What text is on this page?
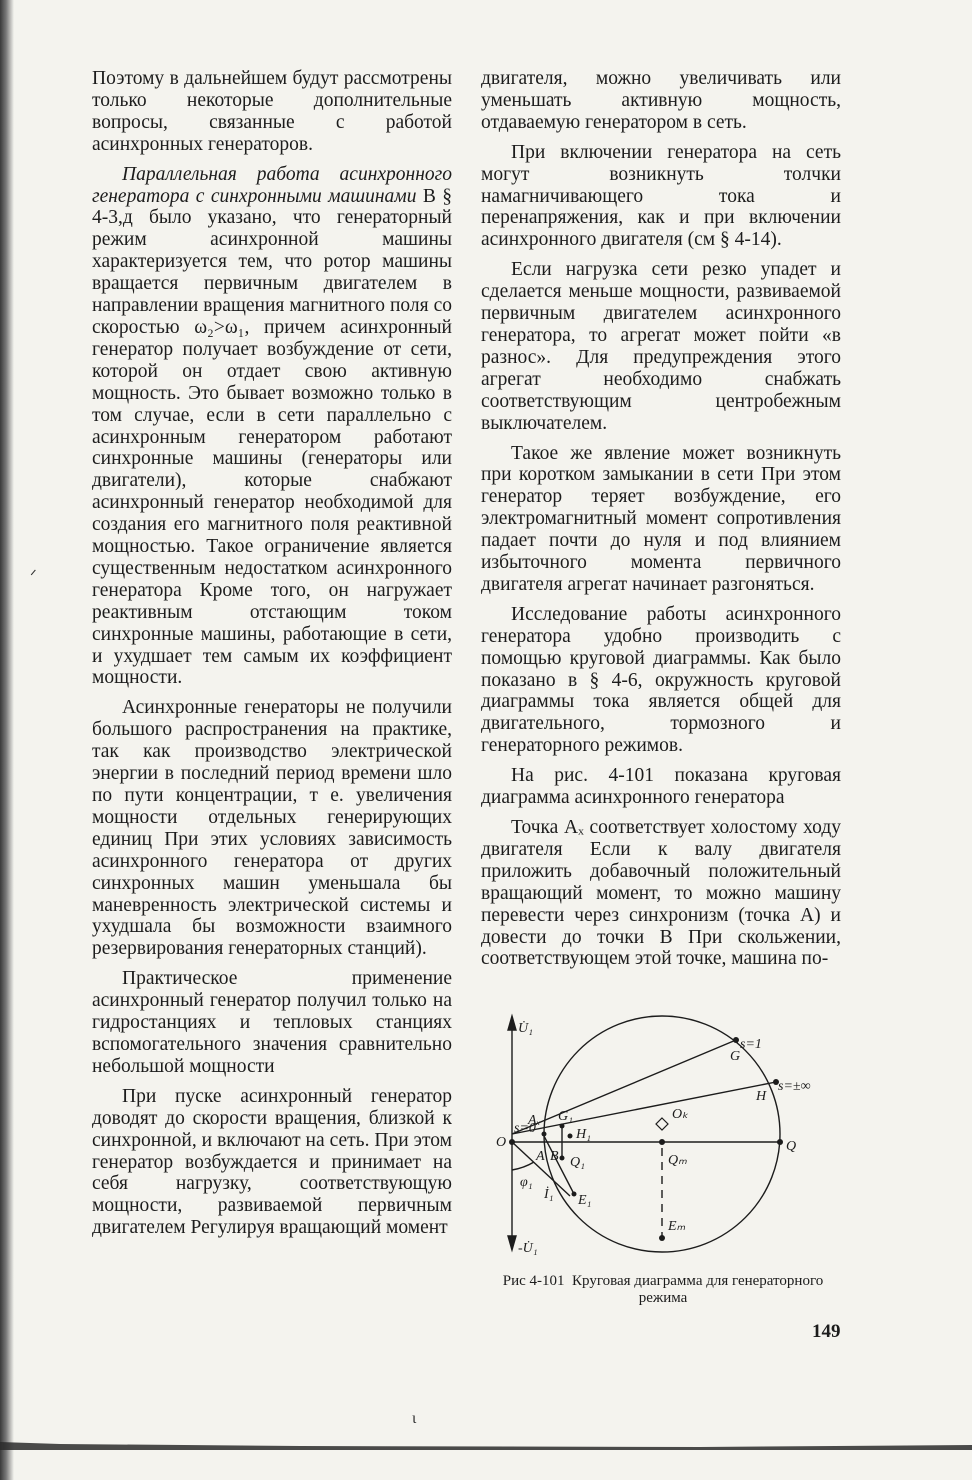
Поэтому в дальнейшем будут рассмотрены только некоторые дополнительные вопросы, связанные с работой асинхронных генераторов.

Параллельная работа асинхронного генератора с синхронными машинами В § 4-3,д было указано, что генераторный режим асинхронной машины характеризуется тем, что ротор машины вращается первичным двигателем в направлении вращения магнитного поля со скоростью ω₂>ω₁, причем асинхронный генератор получает возбуждение от сети, которой он отдает свою активную мощность. Это бывает возможно только в том случае, если в сети параллельно с асинхронным генератором работают синхронные машины (генераторы или двигатели), которые снабжают асинхронный генератор необходимой для создания его магнитного поля реактивной мощностью. Такое ограничение является существенным недостатком асинхронного генератора Кроме того, он нагружает реактивным отстающим током синхронные машины, работающие в сети, и ухудшает тем самым их коэффициент мощности.

Асинхронные генераторы не получили большого распространения на практике, так как производство электрической энергии в последний период времени шло по пути концентрации, т е. увеличения мощности отдельных генерирующих единиц При этих условиях зависимость асинхронного генератора от других синхронных машин уменьшала бы маневренность электрической системы и ухудшала бы возможности взаимного резервирования генераторных станций).

Практическое применение асинхронный генератор получил только на гидростанциях и тепловых станциях вспомогательного значения сравнительно небольшой мощности

При пуске асинхронный генератор доводят до скорости вращения, близкой к синхронной, и включают на сеть. При этом генератор возбуждается и принимает на себя нагрузку, соответствующую мощности, развиваемой первичным двигателем Регулируя вращающий момент

двигателя, можно увеличивать или уменьшать активную мощность, отдаваемую генератором в сеть.

При включении генератора на сеть могут возникнуть толчки намагничивающего тока и перенапряжения, как и при включении асинхронного двигателя (см § 4-14).

Если нагрузка сети резко упадет и сделается меньше мощности, развиваемой первичным двигателем асинхронного генератора, то агрегат может пойти «в разнос». Для предупреждения этого агрегат необходимо снабжать соответствующим центробежным выключателем.

Такое же явление может возникнуть при коротком замыкании в сети При этом генератор теряет возбуждение, его электромагнитный момент сопротивления падает почти до нуля и под влиянием избыточного момента первичного двигателя агрегат начинает разгоняться.

Исследование работы асинхронного генератора удобно производить с помощью круговой диаграммы. Как было показано в § 4-6, окружность круговой диаграммы тока является общей для двигательного, тормозного и генераторного режимов.

На рис. 4-101 показана круговая диаграмма асинхронного генератора

Точка Aₓ соответствует холостому ходу двигателя Если к валу двигателя приложить добавочный положительный вращающий момент, то можно машину перевести через синхронизм (точка A) и довести до точки B При скольжении, соответствующем этой точке, машина по-

U̇₁
-U̇₁
O
Aₓ
s=0
A B
G₁
H₁
Q₁
E₁
İ₁
φ₁
Oₖ
Qₘ
Eₘ
Q
G
H
s=1
s=±∞
Рис 4-101 Круговая диаграмма для генераторного режима
149
ι
ᐟ
